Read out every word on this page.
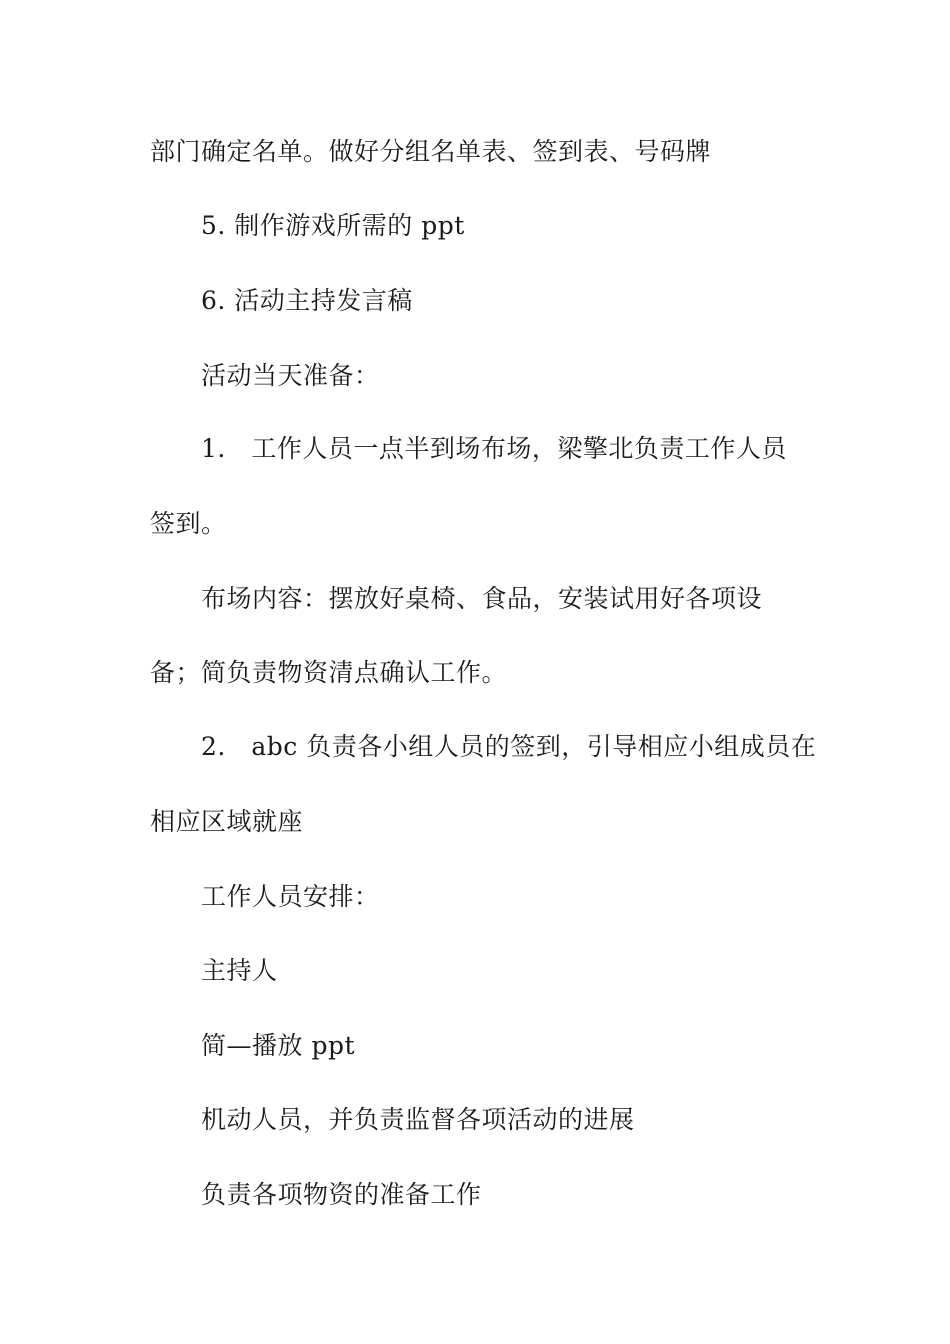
部门确定名单。做好分组名单表、签到表、号码牌

5. 制作游戏所需的 ppt

6. 活动主持发言稿

活动当天准备：

1.　工作人员一点半到场布场，梁擎北负责工作人员

签到。

布场内容：摆放好桌椅、食品，安装试用好各项设

备；简负责物资清点确认工作。

2.　abc 负责各小组人员的签到，引导相应小组成员在

相应区域就座

工作人员安排：

主持人

简—播放 ppt

机动人员，并负责监督各项活动的进展

负责各项物资的准备工作
